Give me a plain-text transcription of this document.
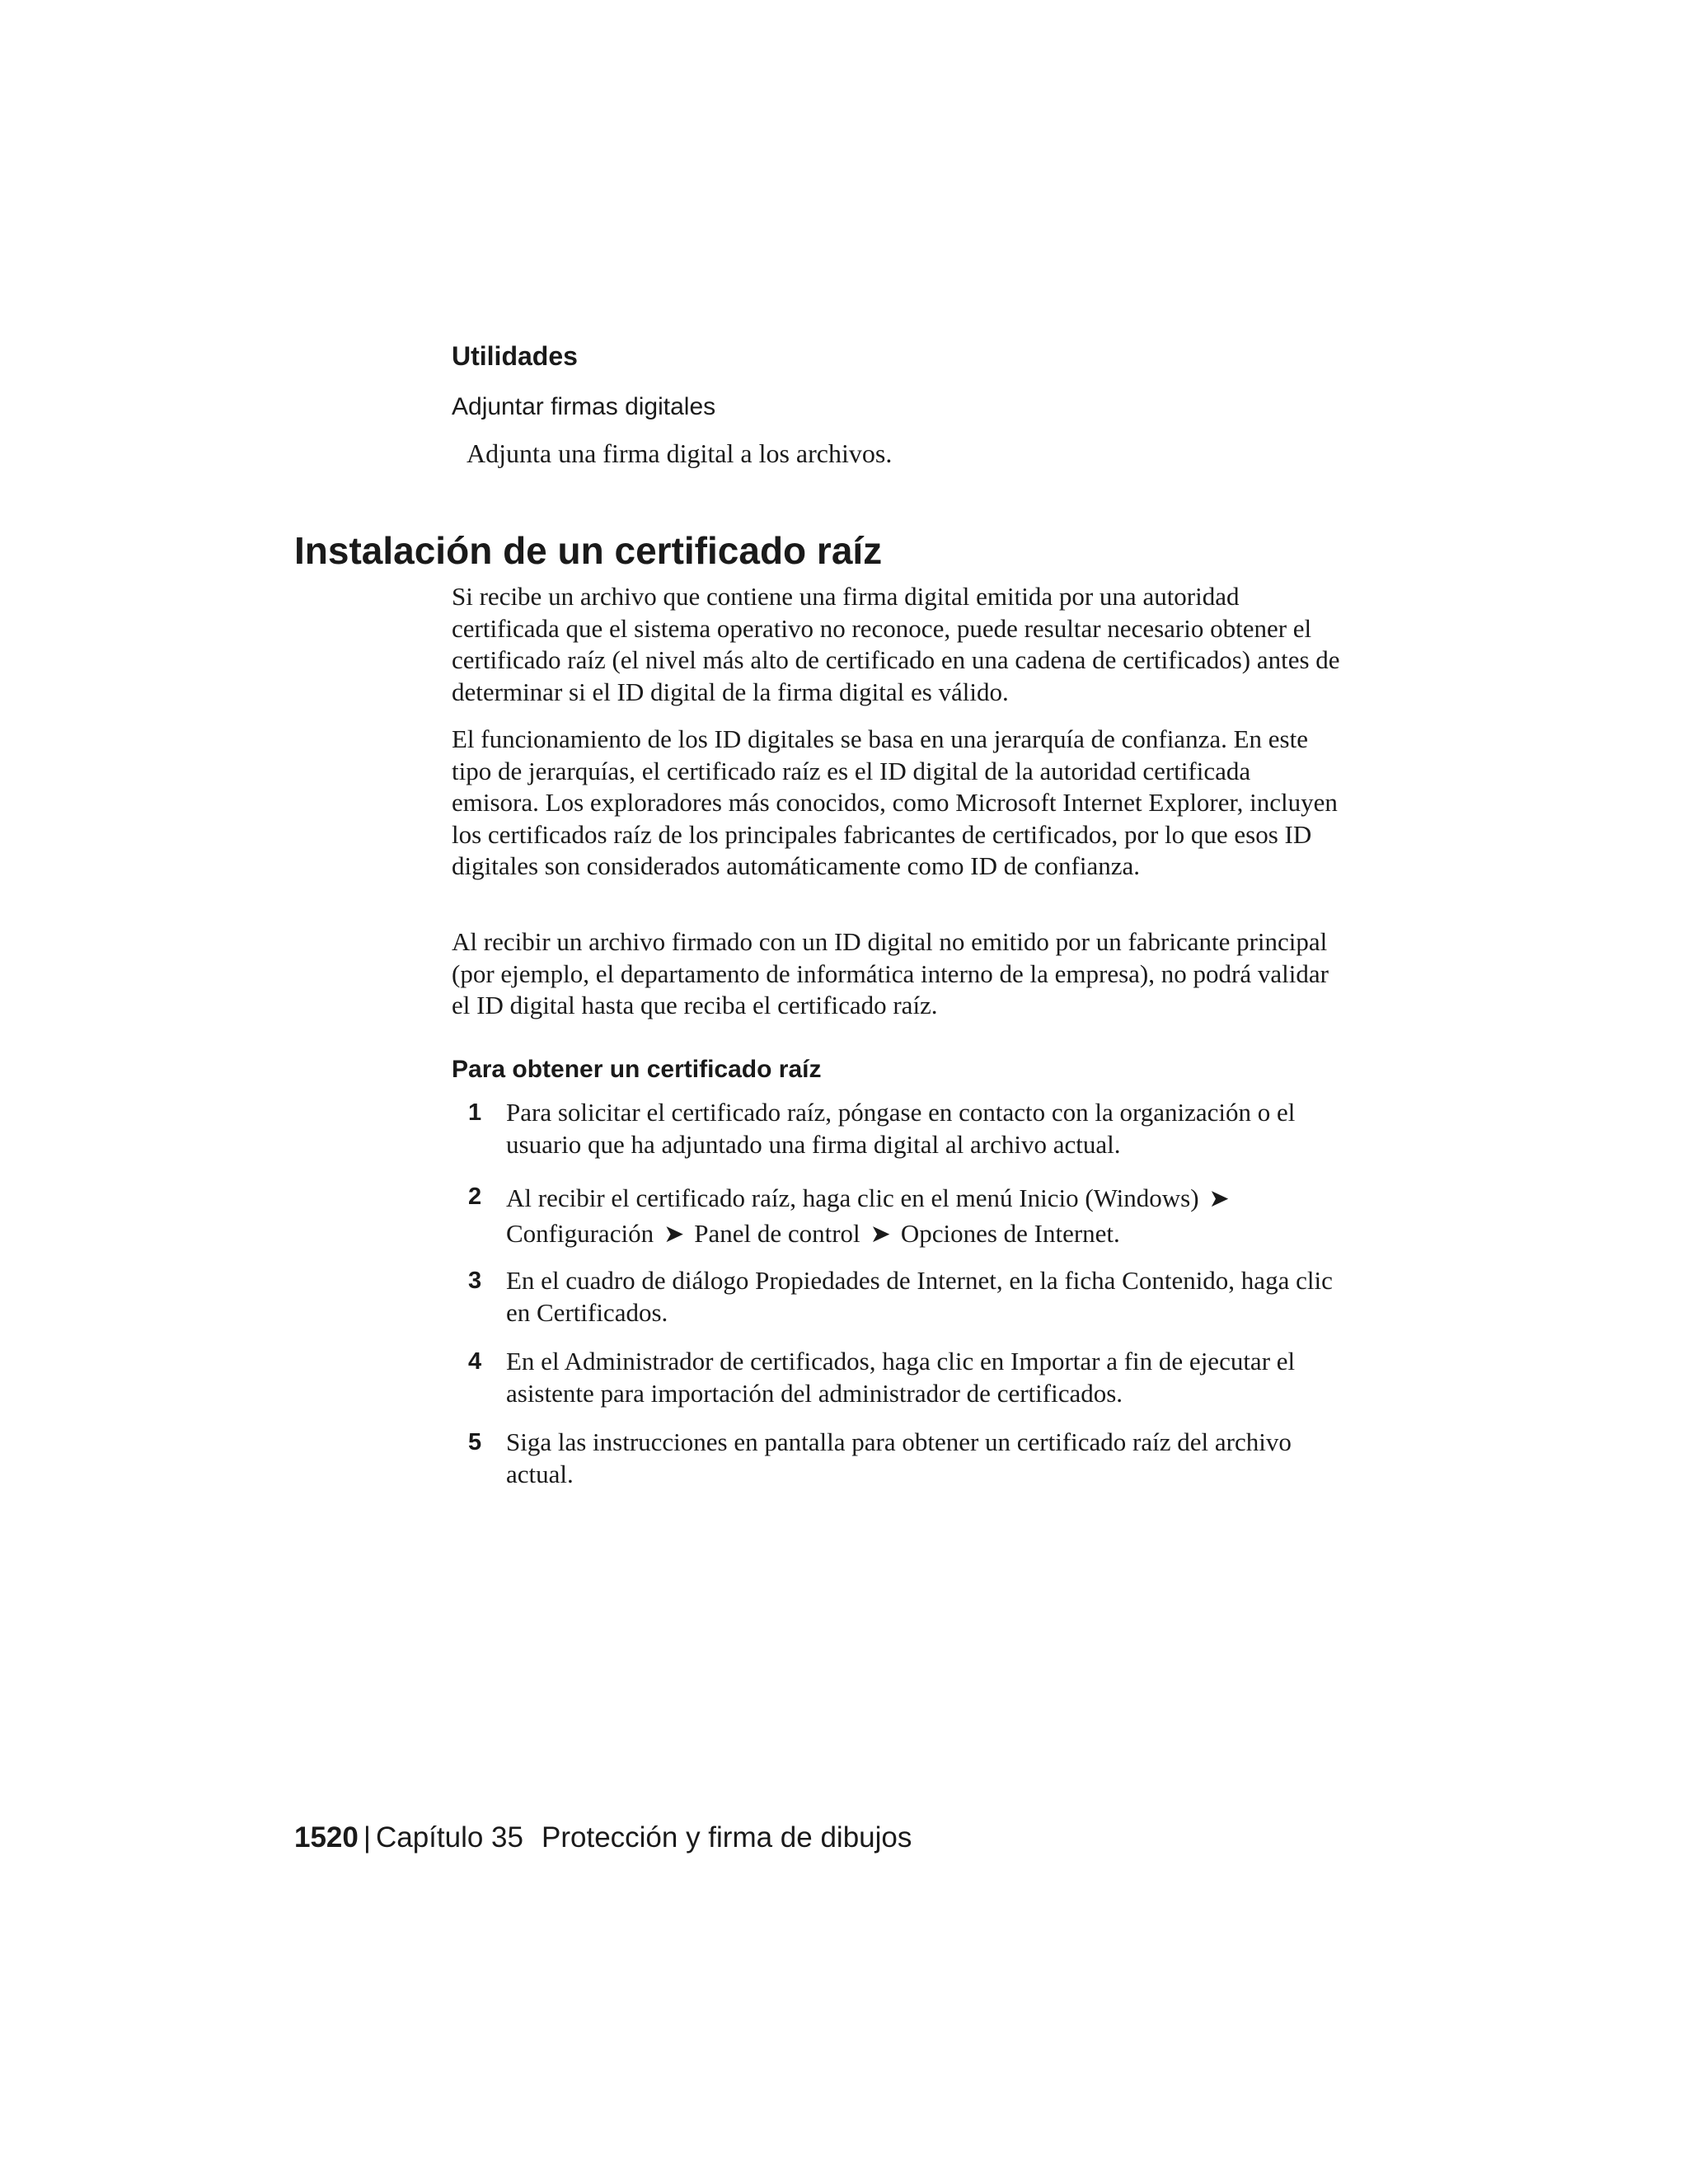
Utilidades
Adjuntar firmas digitales
Adjunta una firma digital a los archivos.
Instalación de un certificado raíz

Si recibe un archivo que contiene una firma digital emitida por una autoridad certificada que el sistema operativo no reconoce, puede resultar necesario obtener el certificado raíz (el nivel más alto de certificado en una cadena de certificados) antes de determinar si el ID digital de la firma digital es válido.

El funcionamiento de los ID digitales se basa en una jerarquía de confianza. En este tipo de jerarquías, el certificado raíz es el ID digital de la autoridad certificada emisora. Los exploradores más conocidos, como Microsoft Internet Explorer, incluyen los certificados raíz de los principales fabricantes de certificados, por lo que esos ID digitales son considerados automáticamente como ID de confianza.

Al recibir un archivo firmado con un ID digital no emitido por un fabricante principal (por ejemplo, el departamento de informática interno de la empresa), no podrá validar el ID digital hasta que reciba el certificado raíz.

Para obtener un certificado raíz
1 Para solicitar el certificado raíz, póngase en contacto con la organización o el usuario que ha adjuntado una firma digital al archivo actual.
2 Al recibir el certificado raíz, haga clic en el menú Inicio (Windows) ➤
Configuración ➤ Panel de control ➤ Opciones de Internet.
3 En el cuadro de diálogo Propiedades de Internet, en la ficha Contenido, haga clic en Certificados.
4 En el Administrador de certificados, haga clic en Importar a fin de ejecutar el asistente para importación del administrador de certificados.
5 Siga las instrucciones en pantalla para obtener un certificado raíz del archivo actual.
1520 | Capítulo 35 Protección y firma de dibujos
